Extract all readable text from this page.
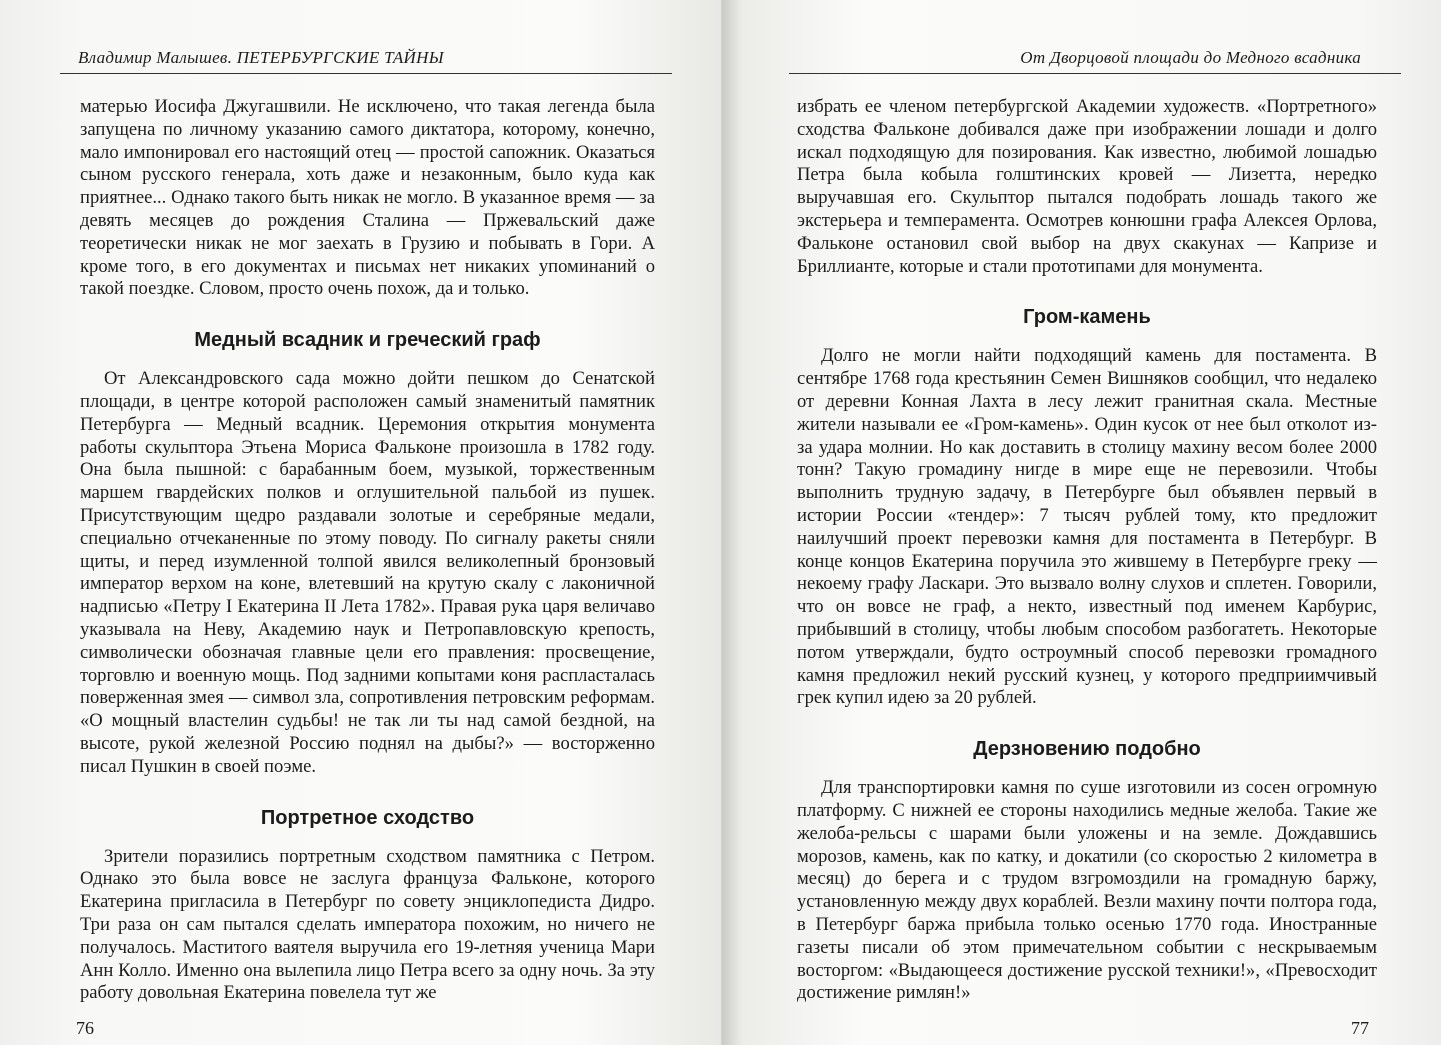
Владимир Малышев. ПЕТЕРБУРГСКИЕ ТАЙНЫ

матерью Иосифа Джугашвили. Не исключено, что такая легенда была запущена по личному указанию самого диктатора, которому, конечно, мало импонировал его настоящий отец — простой сапожник. Оказаться сыном русского генерала, хоть даже и незаконным, было куда как приятнее... Однако такого быть никак не могло. В указанное время — за девять месяцев до рождения Сталина — Пржевальский даже теоретически никак не мог заехать в Грузию и побывать в Гори. А кроме того, в его документах и письмах нет никаких упоминаний о такой поездке. Словом, просто очень похож, да и только.

Медный всадник и греческий граф

От Александровского сада можно дойти пешком до Сенатской площади, в центре которой расположен самый знаменитый памятник Петербурга — Медный всадник. Церемония открытия монумента работы скульптора Этьена Мориса Фальконе произошла в 1782 году. Она была пышной: с барабанным боем, музыкой, торжественным маршем гвардейских полков и оглушительной пальбой из пушек. Присутствующим щедро раздавали золотые и серебряные медали, специально отчеканенные по этому поводу. По сигналу ракеты сняли щиты, и перед изумленной толпой явился великолепный бронзовый император верхом на коне, влетевший на крутую скалу с лаконичной надписью «Петру I Екатерина II Лета 1782». Правая рука царя величаво указывала на Неву, Академию наук и Петропавловскую крепость, символически обозначая главные цели его правления: просвещение, торговлю и военную мощь. Под задними копытами коня распласталась поверженная змея — символ зла, сопротивления петровским реформам. «О мощный властелин судьбы! не так ли ты над самой бездной, на высоте, рукой железной Россию поднял на дыбы?» — восторженно писал Пушкин в своей поэме.

Портретное сходство

Зрители поразились портретным сходством памятника с Петром. Однако это была вовсе не заслуга француза Фальконе, которого Екатерина пригласила в Петербург по совету энциклопедиста Дидро. Три раза он сам пытался сделать императора похожим, но ничего не получалось. Маститого ваятеля выручила его 19-летняя ученица Мари Анн Колло. Именно она вылепила лицо Петра всего за одну ночь. За эту работу довольная Екатерина повелела тут же

76
От Дворцовой площади до Медного всадника

избрать ее членом петербургской Академии художеств. «Портретного» сходства Фальконе добивался даже при изображении лошади и долго искал подходящую для позирования. Как известно, любимой лошадью Петра была кобыла голштинских кровей — Лизетта, нередко выручавшая его. Скульптор пытался подобрать лошадь такого же экстерьера и темперамента. Осмотрев конюшни графа Алексея Орлова, Фальконе остановил свой выбор на двух скакунах — Капризе и Бриллианте, которые и стали прототипами для монумента.

Гром-камень

Долго не могли найти подходящий камень для постамента. В сентябре 1768 года крестьянин Семен Вишняков сообщил, что недалеко от деревни Конная Лахта в лесу лежит гранитная скала. Местные жители называли ее «Гром-камень». Один кусок от нее был отколот из-за удара молнии. Но как доставить в столицу махину весом более 2000 тонн? Такую громадину нигде в мире еще не перевозили. Чтобы выполнить трудную задачу, в Петербурге был объявлен первый в истории России «тендер»: 7 тысяч рублей тому, кто предложит наилучший проект перевозки камня для постамента в Петербург. В конце концов Екатерина поручила это жившему в Петербурге греку — некоему графу Ласкари. Это вызвало волну слухов и сплетен. Говорили, что он вовсе не граф, а некто, известный под именем Карбурис, прибывший в столицу, чтобы любым способом разбогатеть. Некоторые потом утверждали, будто остроумный способ перевозки громадного камня предложил некий русский кузнец, у которого предприимчивый грек купил идею за 20 рублей.

Дерзновению подобно

Для транспортировки камня по суше изготовили из сосен огромную платформу. С нижней ее стороны находились медные желоба. Такие же желоба-рельсы с шарами были уложены и на земле. Дождавшись морозов, камень, как по катку, и докатили (со скоростью 2 километра в месяц) до берега и с трудом взгромоздили на громадную баржу, установленную между двух кораблей. Везли махину почти полтора года, в Петербург баржа прибыла только осенью 1770 года. Иностранные газеты писали об этом примечательном событии с нескрываемым восторгом: «Выдающееся достижение русской техники!», «Превосходит достижение римлян!»

77
